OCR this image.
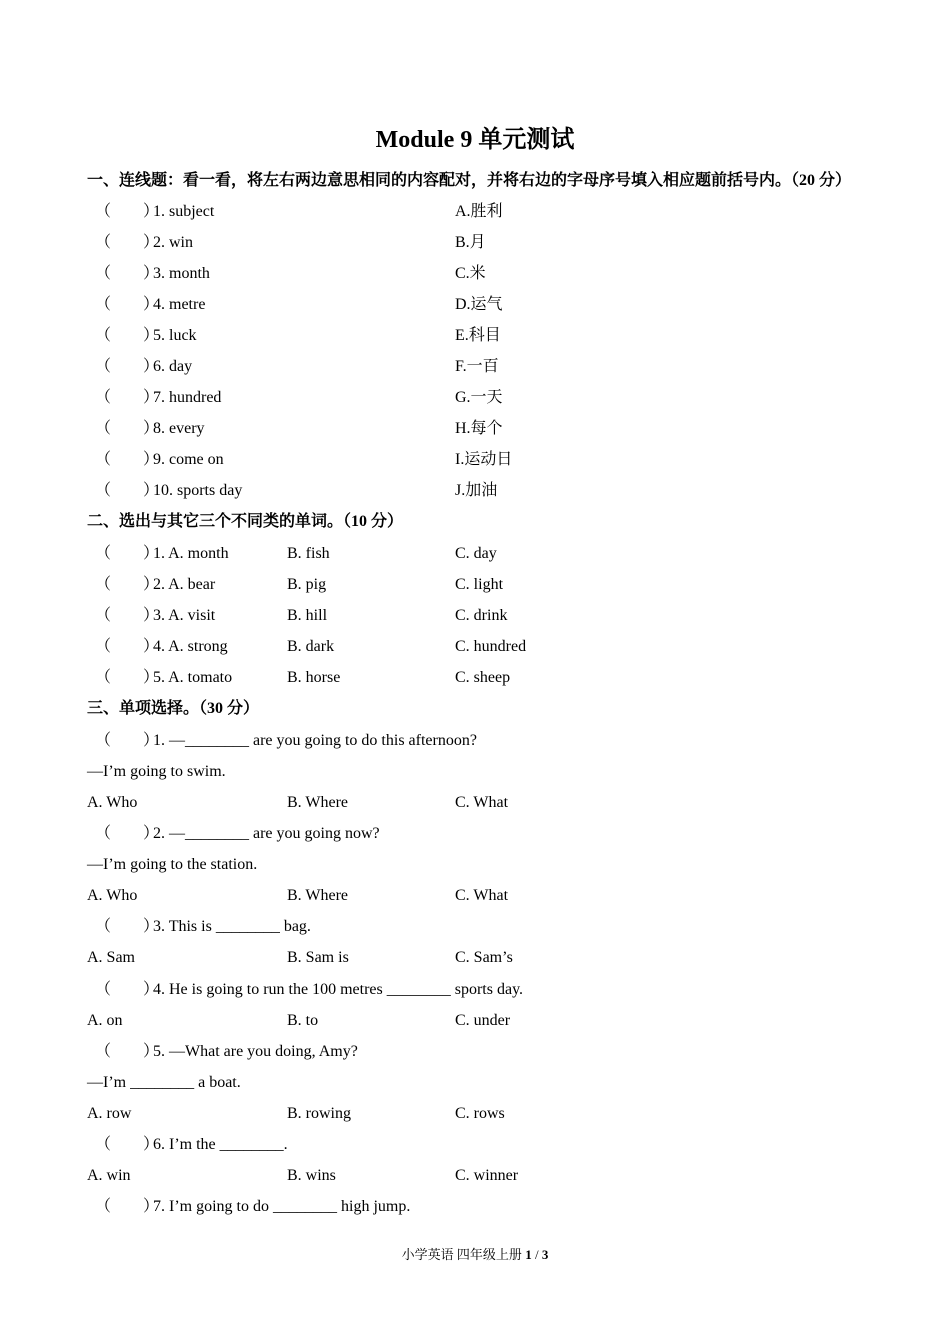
Module 9 单元测试
一、连线题：看一看，将左右两边意思相同的内容配对，并将右边的字母序号填入相应题前括号内。（20 分）
（　　）
1. subject	A.胜利
（　　）
2. win	B.月
（　　）
3. month	C.米
（　　）
4. metre	D.运气
（　　）
5. luck	E.科目
（　　）
6. day	F.一百
（　　）
7. hundred	G.一天
（　　）
8. every	H.每个
（　　）
9. come on	I.运动日
（　　）
10. sports day	J.加油
二、选出与其它三个不同类的单词。（10 分）
（　　）
1. A. month	B. fish	C. day
（　　）
2. A. bear	B. pig	C. light
（　　）
3. A. visit	B. hill	C. drink
（　　）
4. A. strong	B. dark	C. hundred
（　　）
5. A. tomato	B. horse	C. sheep
三、单项选择。（30 分）
（　　）
1. —________ are you going to do this afternoon?
—I’m going to swim.
A. Who	B. Where	C. What
（　　）
2. —________ are you going now?
—I’m going to the station.
A. Who	B. Where	C. What
（　　）
3. This is ________ bag.
A. Sam	B. Sam is	C. Sam’s
（　　）
4. He is going to run the 100 metres ________ sports day.
A. on	B. to	C. under
（　　）
5. —What are you doing, Amy?
—I’m ________ a boat.
A. row	B. rowing	C. rows
（　　）
6. I’m the ________.
A. win	B. wins	C. winner
（　　）
7. I’m going to do ________ high jump.
小学英语 四年级上册 1 / 3
